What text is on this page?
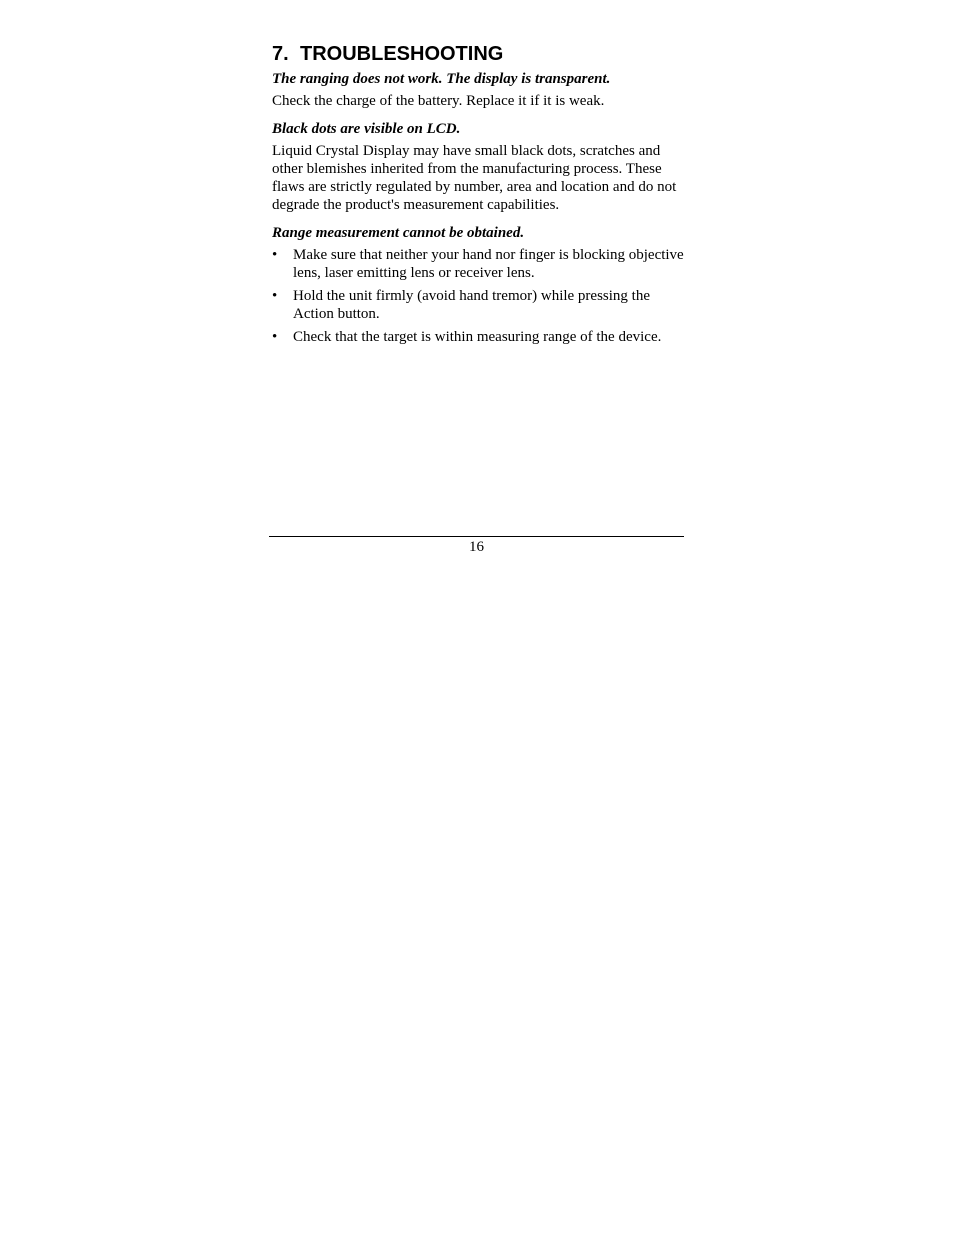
7. TROUBLESHOOTING
The ranging does not work. The display is transparent.

Check the charge of the battery. Replace it if it is weak.

Black dots are visible on LCD.

Liquid Crystal Display may have small black dots, scratches and other blemishes inherited from the manufacturing process. These flaws are strictly regulated by number, area and location and do not degrade the product's measurement capabilities.

Range measurement cannot be obtained.
• Make sure that neither your hand nor finger is blocking objective lens, laser emitting lens or receiver lens.
• Hold the unit firmly (avoid hand tremor) while pressing the Action button.
• Check that the target is within measuring range of the device.
16
